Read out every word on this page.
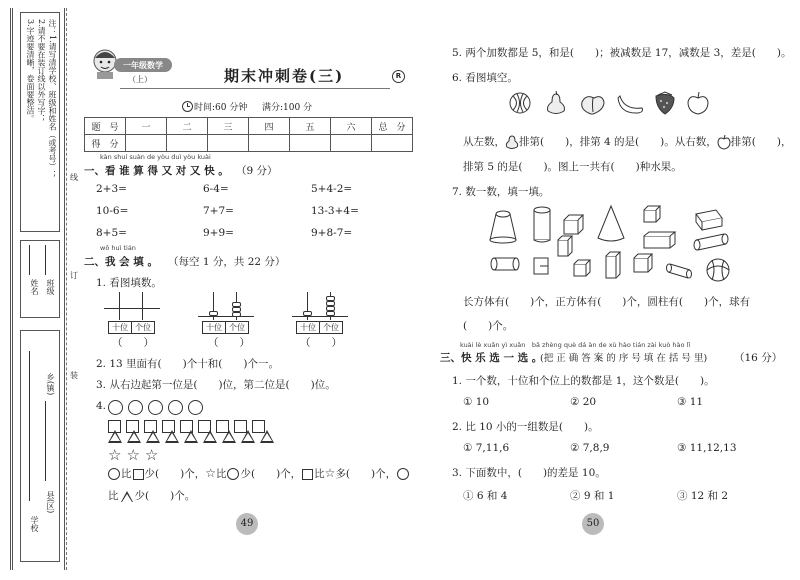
注：1.请写清学校、班级和姓名（或考号）；
2.请不要在装订线以外写字；
3.字迹要清晰，卷面要整洁。
班级
姓名
乡(镇)
县(区)
学校
线
订
装
一年级数学
（上）	期末冲刺卷(三)	R
时间:60 分钟 满分:100 分
题　号	一	二	三	四	五	六	总　分
得　分							
kàn shuí suàn de yòu duì yòu kuài
一、看 谁 算 得 又 对 又 快 。 （9 分）
2+3=	6-4=	5+4-2=
10-6=	7+7=	13-3+4=
8+5=	9+9=	9+8-7=
wǒ huì tián
二、我 会 填 。 （每空 1 分，共 22 分）
1. 看图填数。
十位 个位	十位 个位	十位 个位
（　　）	（　　）	（　　）
2. 13 里面有(　　)个十和(　　)个一。
3. 从右边起第一位是(　　)位，第二位是(　　)位。
4.
☆ ☆ ☆
比 少(　　)个，☆比 少(　　)个， 比☆多(　　)个，
比 少(　　)个。
49
5. 两个加数都是 5，和是(　　)；被减数是 17，减数是 3，差是(　　)。
6. 看图填空。
从左数， 排第(　　)，排第 4 的是(　　)。从右数， 排第(　　)，
排第 5 的是(　　)。图上一共有(　　)种水果。
7. 数一数，填一填。
长方体有(　　)个，正方体有(　　)个，圆柱有(　　)个，球有
(　　)个。
kuài lè xuǎn yì xuǎn　bǎ zhèng què dá àn de xù hào tián zài kuò hào lǐ
三、快 乐 选 一 选 。
(把 正 确 答 案 的 序 号 填 在 括 号 里)	（16 分）
1. 一个数，十位和个位上的数都是 1，这个数是(　　)。
① 10	② 20	③ 11
2. 比 10 小的一组数是(　　)。
① 7,11,6	② 7,8,9	③ 11,12,13
3. 下面数中，(　　)的差是 10。
① 6 和 4	② 9 和 1	③ 12 和 2
50
